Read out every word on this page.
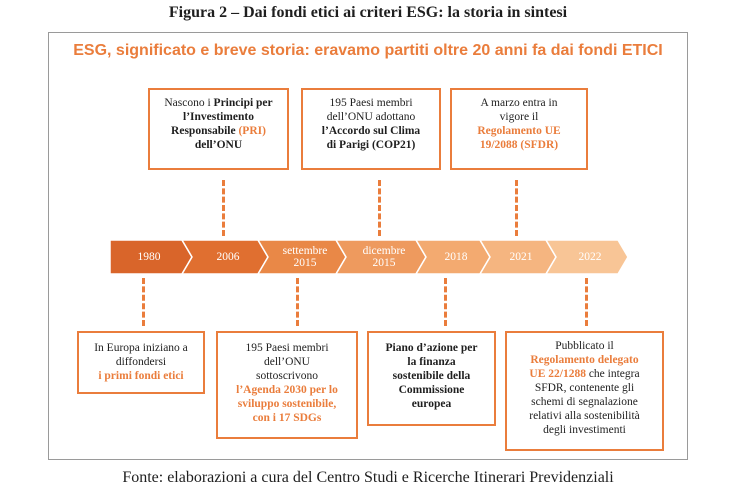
Figura 2 – Dai fondi etici ai criteri ESG: la storia in sintesi
ESG, significato e breve storia: eravamo partiti oltre 20 anni fa dai fondi ETICI
Nascono i Principi per
l’Investimento
Responsabile (PRI)
dell’ONU
195 Paesi membri
dell’ONU adottano
l’Accordo sul Clima
di Parigi (COP21)
A marzo entra in
vigore il
Regolamento UE
19/2088 (SFDR)
1980	2006	settembre
2015
dicembre
2015	2018	2021	2022
In Europa iniziano a
diffondersi
i primi fondi etici
195 Paesi membri
dell’ONU
sottoscrivono
l’Agenda 2030 per lo
sviluppo sostenibile,
con i 17 SDGs
Piano d’azione per
la finanza
sostenibile della
Commissione
europea
Pubblicato il
Regolamento delegato
UE 22/1288 che integra
SFDR, contenente gli
schemi di segnalazione
relativi alla sostenibilità
degli investimenti
Fonte: elaborazioni a cura del Centro Studi e Ricerche Itinerari Previdenziali
